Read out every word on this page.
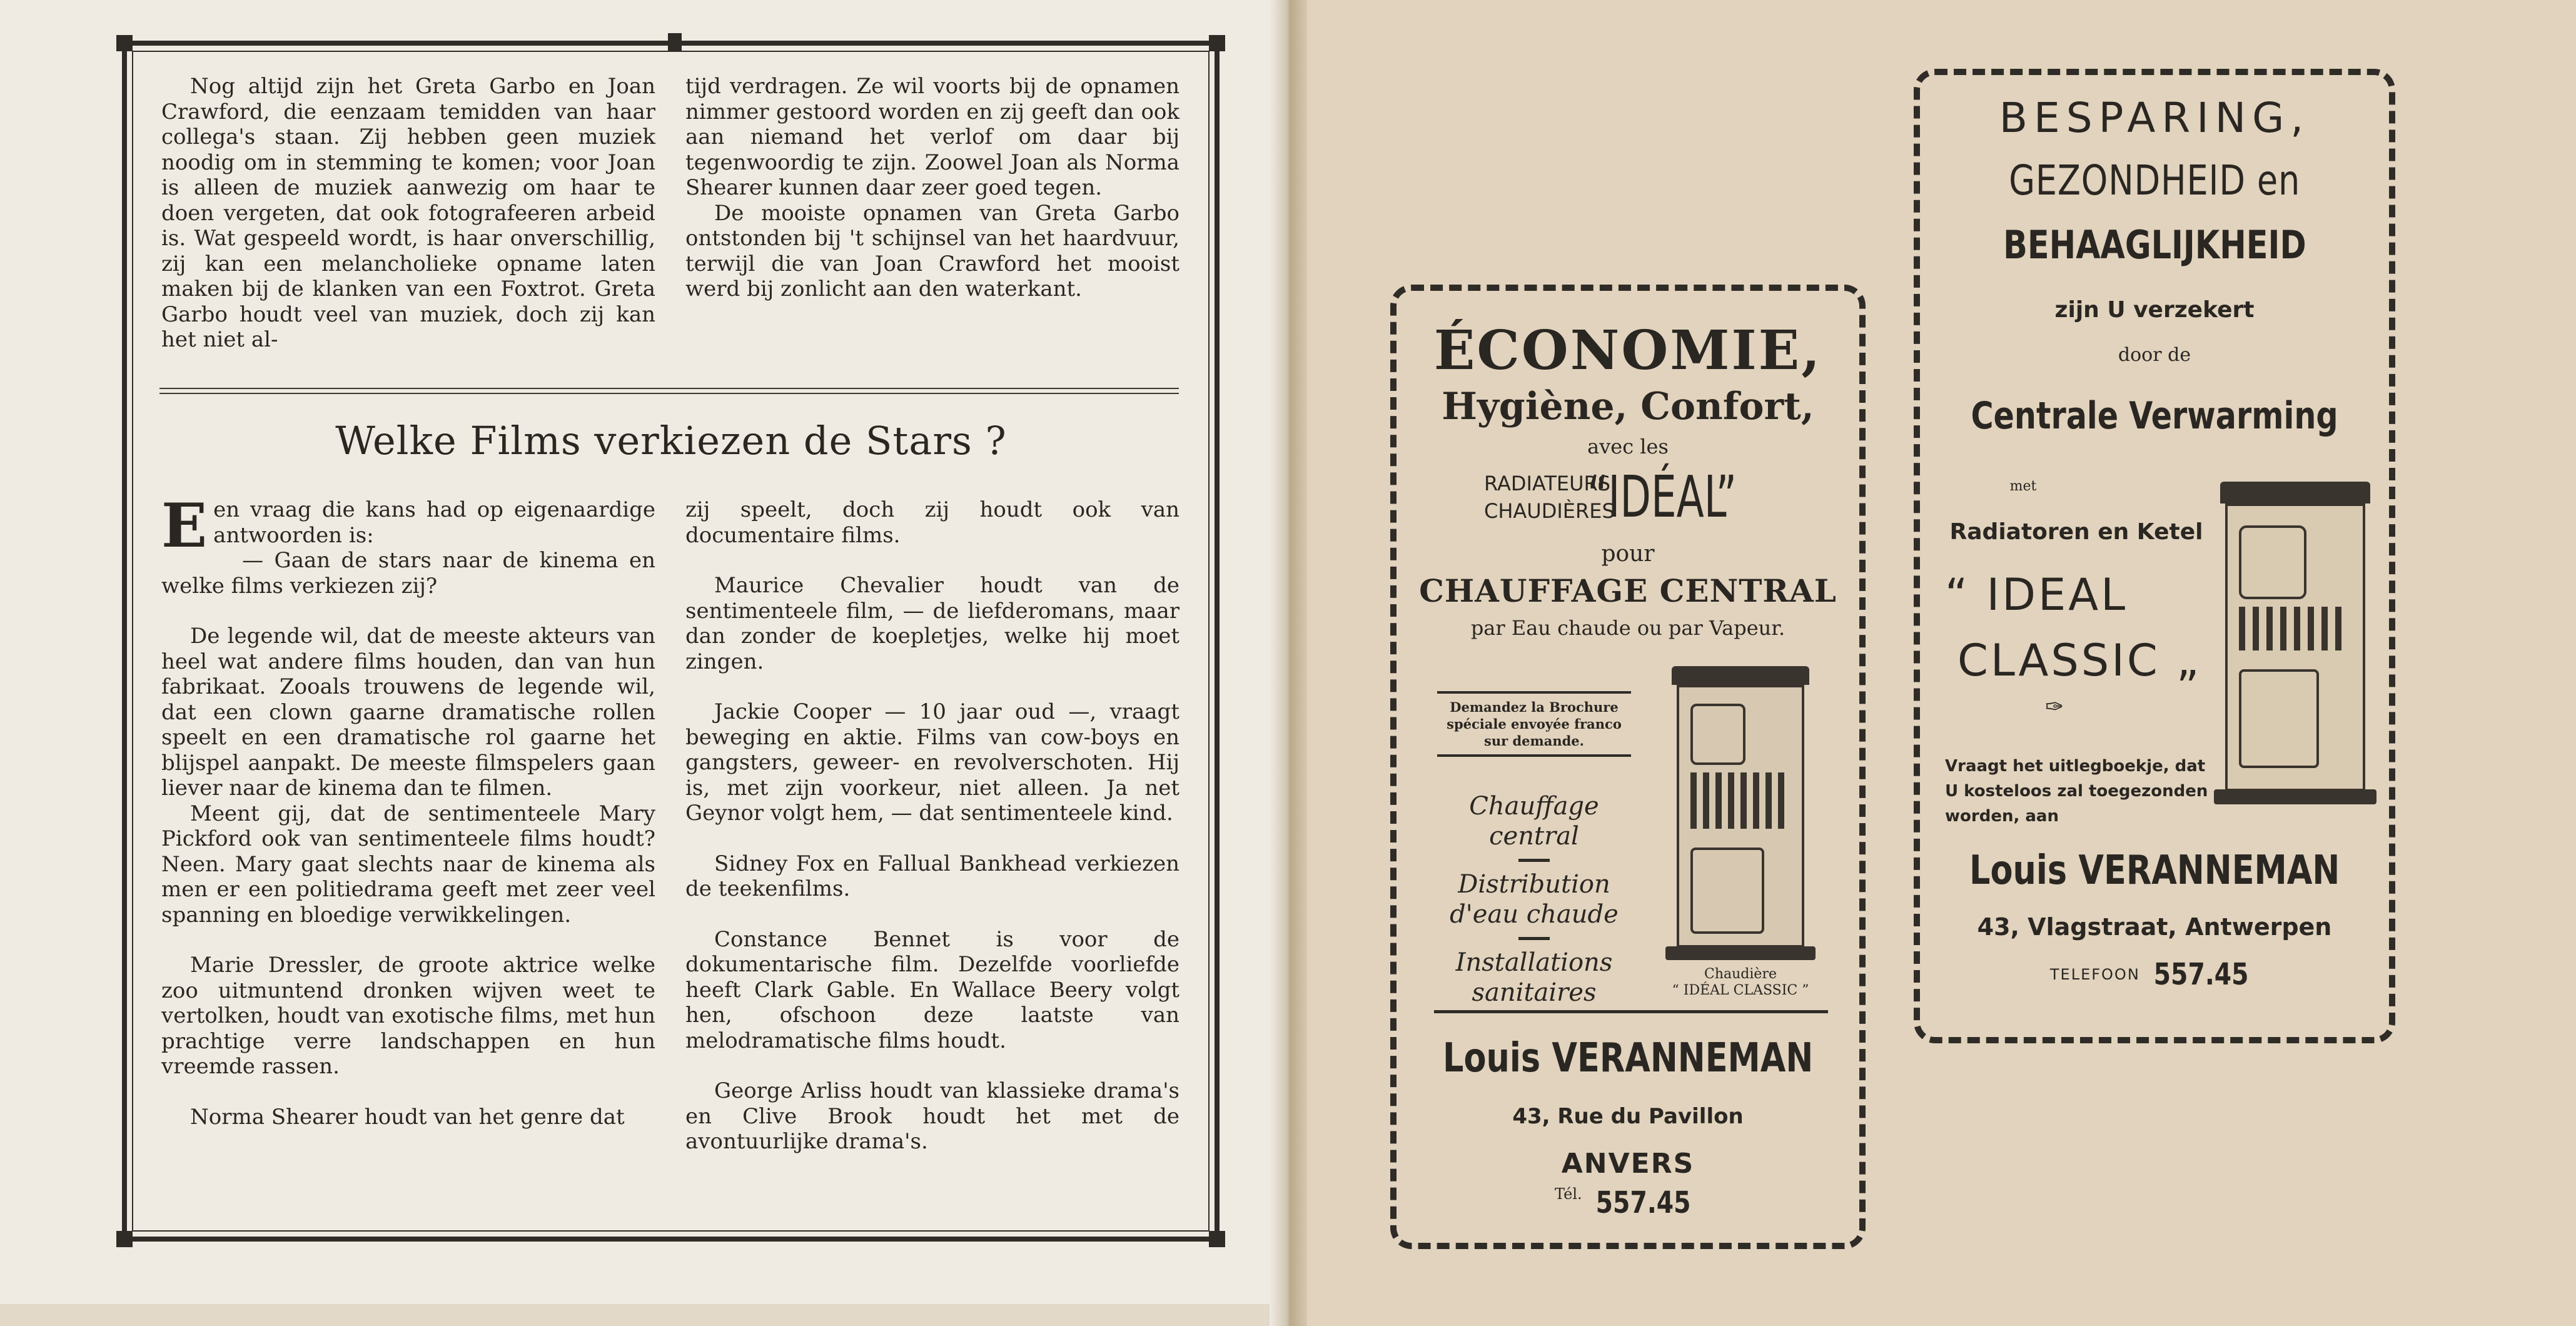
Nog altijd zijn het Greta Garbo en Joan Crawford, die eenzaam temidden van haar collega's staan. Zij hebben geen muziek noodig om in stemming te komen; voor Joan is alleen de muziek aanwezig om haar te doen vergeten, dat ook fotografeeren arbeid is. Wat gespeeld wordt, is haar onverschillig, zij kan een melancholieke opname laten maken bij de klanken van een Foxtrot. Greta Garbo houdt veel van muziek, doch zij kan het niet al-

tijd verdragen. Ze wil voorts bij de opnamen nimmer gestoord worden en zij geeft dan ook aan niemand het verlof om daar bij tegenwoordig te zijn. Zoowel Joan als Norma Shearer kunnen daar zeer goed tegen.

De mooiste opnamen van Greta Garbo ontstonden bij 't schijnsel van het haardvuur, terwijl die van Joan Crawford het mooist werd bij zonlicht aan den waterkant.

Welke Films verkiezen de Stars ?

Een vraag die kans had op eigenaardige antwoorden is:

— Gaan de stars naar de kinema en welke films verkiezen zij?

De legende wil, dat de meeste akteurs van heel wat andere films houden, dan van hun fabrikaat. Zooals trouwens de legende wil, dat een clown gaarne dramatische rollen speelt en een dramatische rol gaarne het blijspel aanpakt. De meeste filmspelers gaan liever naar de kinema dan te filmen.

Meent gij, dat de sentimenteele Mary Pickford ook van sentimenteele films houdt? Neen. Mary gaat slechts naar de kinema als men er een politiedrama geeft met zeer veel spanning en bloedige verwikkelingen.

Marie Dressler, de groote aktrice welke zoo uitmuntend dronken wijven weet te vertolken, houdt van exotische films, met hun prachtige verre landschappen en hun vreemde rassen.

Norma Shearer houdt van het genre dat

zij speelt, doch zij houdt ook van documentaire films.

Maurice Chevalier houdt van de sentimenteele film, — de liefderomans, maar dan zonder de koepletjes, welke hij moet zingen.

Jackie Cooper — 10 jaar oud —, vraagt beweging en aktie. Films van cow-boys en gangsters, geweer- en revolverschoten. Hij is, met zijn voorkeur, niet alleen. Ja net Geynor volgt hem, — dat sentimenteele kind.

Sidney Fox en Fallual Bankhead verkiezen de teekenfilms.

Constance Bennet is voor de dokumentarische film. Dezelfde voorliefde heeft Clark Gable. En Wallace Beery volgt hen, ofschoon deze laatste van melodramatische films houdt.

George Arliss houdt van klassieke drama's en Clive Brook houdt het met de avontuurlijke drama's.

ÉCONOMIE,
Hygiène, Confort,
avec les
RADIATEURS
CHAUDIÈRES
“IDÉAL”
pour
CHAUFFAGE CENTRAL
par Eau chaude ou par Vapeur.
Demandez la Brochure spéciale envoyée franco sur demande.
Chauffage central
Distribution d'eau chaude
Installations sanitaires
Chaudière
“ IDÉAL CLASSIC ”
Louis VERANNEMAN
43, Rue du Pavillon
ANVERS
Tél. 557.45
BESPARING,
GEZONDHEID en
BEHAAGLIJKHEID
zijn U verzekert
door de
Centrale Verwarming
met
Radiatoren en Ketel
“ IDEAL
CLASSIC „
✑
Vraagt het uitlegboekje, dat U kosteloos zal toegezonden worden, aan
Louis VERANNEMAN
43, Vlagstraat, Antwerpen
TELEFOON 557.45
